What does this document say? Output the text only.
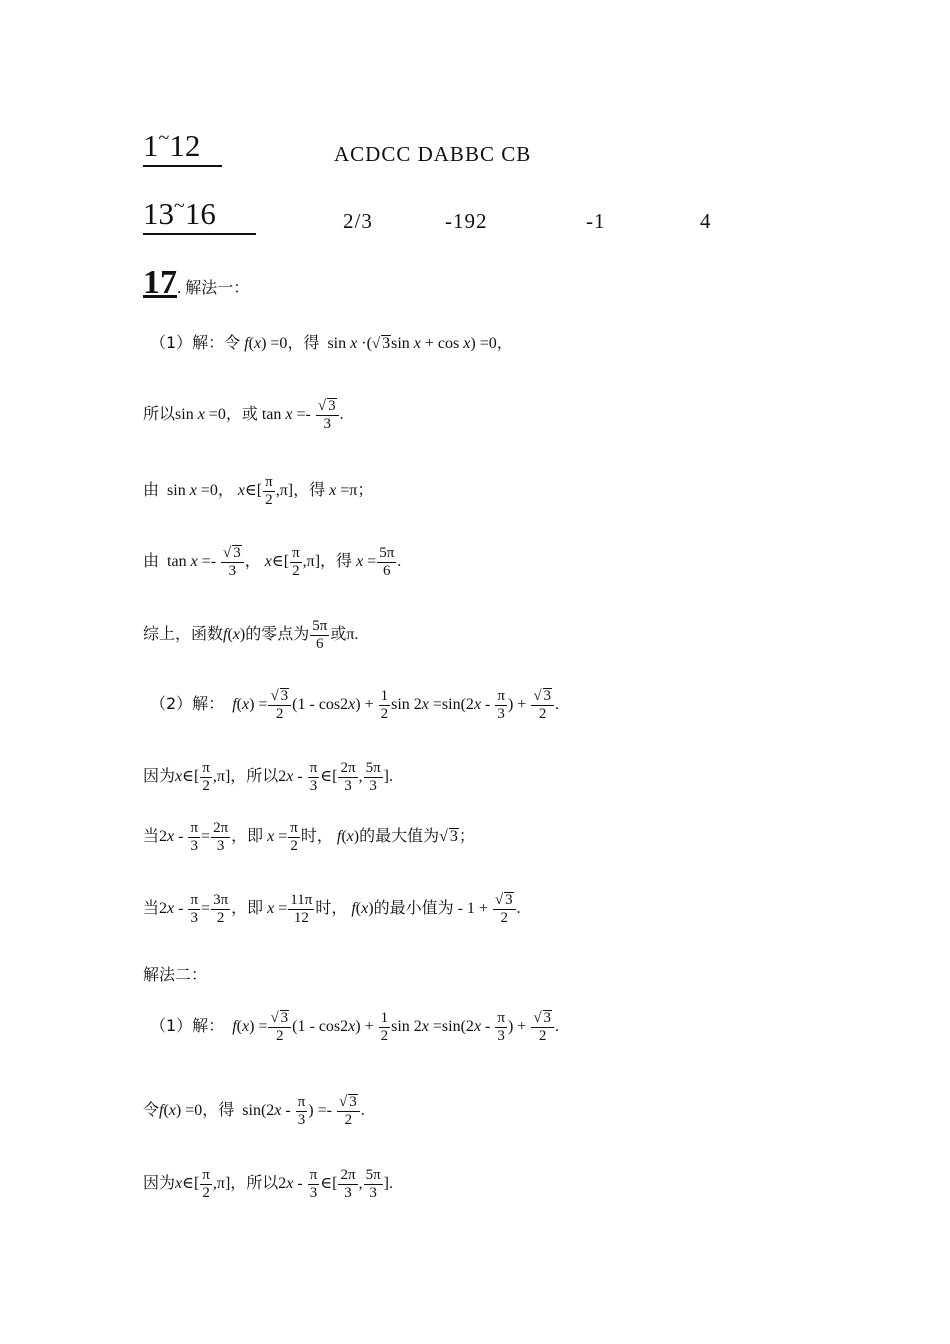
1~12	ACDCC DABBC CB
13~16	2/3	-192	-1	4
17. 解法一：
（1）解：令 f(x) =0，得  sin x ·(√ 3sin x + cos x) =0，
所以sin x =0，或 $\tan x =- \frac{√ 3}{3}$ .
由  sin x =0， x∈[ $\frac{\pi}{2} ,\pi$]，得 x =π；
由  $\tan x =- \frac{√ 3}{3}$ ， x∈[ $\frac{\pi}{2} ,\pi$]，得 $x = \frac{5\pi}{6}$ .
综上，函数f(x)的零点为 $\frac{5\pi}{6}$ 或π.
（2）解： $f(x) = \frac{√ 3}{2} (1 - \cos 2x) + \frac{1}{2}$ $\sin 2x =\sin(2x - \frac{\pi}{3}$ ) + $\frac{√ 3}{2}$ .
因为x∈[ $\frac{\pi}{2} ,\pi$]，所以$2x - \frac{\pi}{3}$ ∈[ $\frac{2\pi}{3}$ , $\frac{5\pi}{3}$ ].
当$2x - \frac{\pi}{3} = \frac{2\pi}{3}$ ，即 $x = \frac{\pi}{2}$ 时， f(x)的最大值为√ 3；
当$2x - \frac{\pi}{3} = \frac{3\pi}{2}$ ，即 $x = \frac{11\pi}{12}$ 时， f(x)的最小值为 - $1 + \frac{√ 3}{2}$ .
解法二：
（1）解： $f(x) = \frac{√ 3}{2} (1 - \cos 2x) + \frac{1}{2}$ $\sin 2x =\sin(2x - \frac{\pi}{3}$ ) + $\frac{√ 3}{2}$ .
令f(x) =0，得  $\sin(2x - \frac{\pi}{3}$ ) =- $\frac{√ 3}{2}$ .
因为x∈[ $\frac{\pi}{2} ,\pi$]，所以$2x - \frac{\pi}{3}$ ∈[ $\frac{2\pi}{3}$ , $\frac{5\pi}{3}$ ].
